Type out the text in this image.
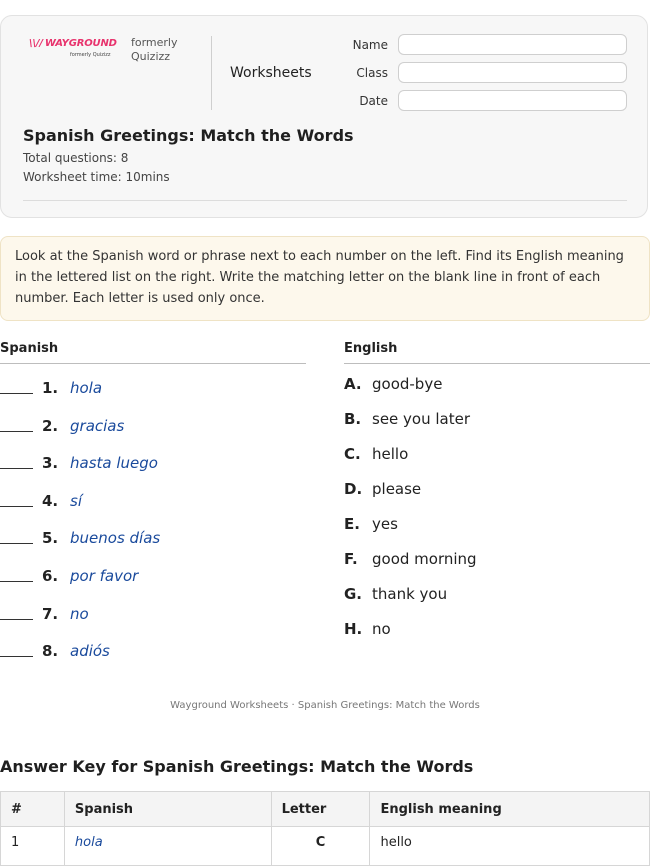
\\// WAYGROUND
formerly Quizizz
formerly
Quizizz
Worksheets
Name
Class
Date
Spanish Greetings: Match the Words
Total questions: 8
Worksheet time: 10mins
Look at the Spanish word or phrase next to each number on the left. Find its English meaning in the lettered list on the right. Write the matching letter on the blank line in front of each number. Each letter is used only once.
Spanish	English
1. hola
2. gracias
3. hasta luego
4. sí
5. buenos días
6. por favor
7. no
8. adiós
A. good-bye
B. see you later
C. hello
D. please
E. yes
F. good morning
G. thank you
H. no
Wayground Worksheets · Spanish Greetings: Match the Words
Answer Key for Spanish Greetings: Match the Words
#	Spanish	Letter	English meaning
1	hola	C	hello
